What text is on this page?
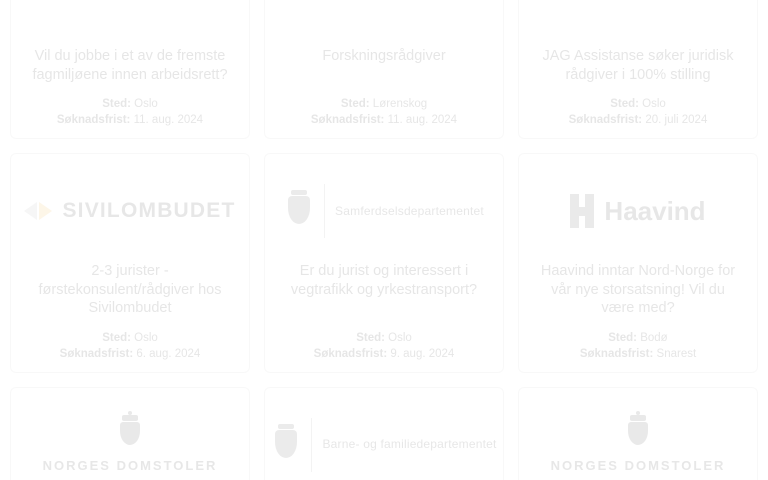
Vil du jobbe i et av de fremste fagmiljøene innen arbeidsrett?
Sted: Oslo
Søknadsfrist: 11. aug. 2024
Forskningsrådgiver
Sted: Lørenskog
Søknadsfrist: 11. aug. 2024
JAG Assistanse søker juridisk rådgiver i 100% stilling
Sted: Oslo
Søknadsfrist: 20. juli 2024
SIVILOMBUDET
2-3 jurister - førstekonsulent/rådgiver hos Sivilombudet
Sted: Oslo
Søknadsfrist: 6. aug. 2024
Samferdselsdepartementet
Er du jurist og interessert i vegtrafikk og yrkestransport?
Sted: Oslo
Søknadsfrist: 9. aug. 2024
Haavind
Haavind inntar Nord-Norge for vår nye storsatsning! Vil du være med?
Sted: Bodø
Søknadsfrist: Snarest
NORGES DOMSTOLER
Barne- og familiedepartementet
NORGES DOMSTOLER
